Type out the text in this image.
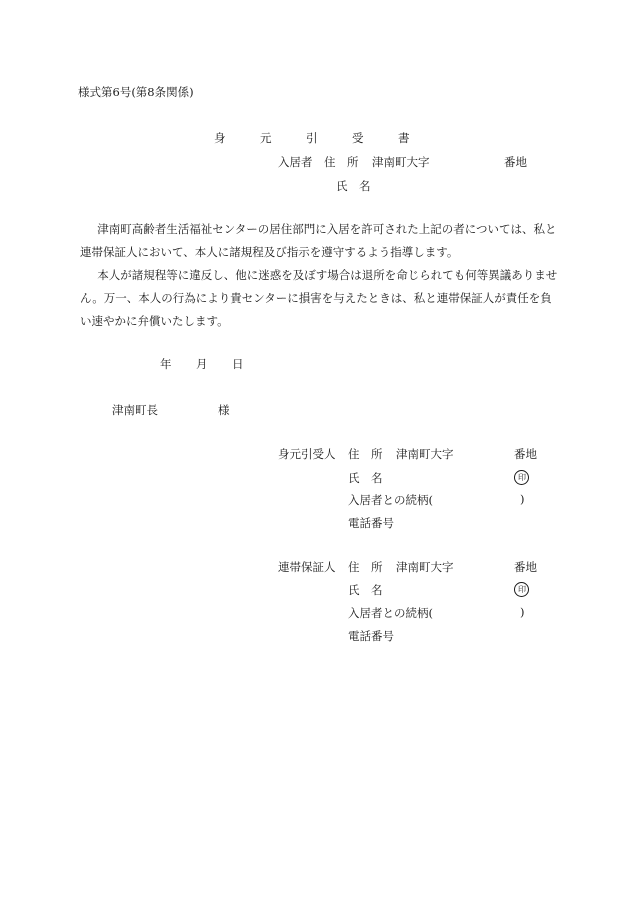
様式第6号(第8条関係)
身	元	引	受	書
入居者 住　所 津南町大字	番地
氏　名

津南町高齢者生活福祉センターの居住部門に入居を許可された上記の者については、私と連帯保証人において、本人に諸規程及び指示を遵守するよう指導します。

本人が諸規程等に違反し、他に迷惑を及ぼす場合は退所を命じられても何等異議ありません。万一、本人の行為により貴センターに損害を与えたときは、私と連帯保証人が責任を負い速やかに弁償いたします。

年 月 日
津南町長	様
身元引受人 住　所 津南町大字	番地
氏　名	印
入居者との続柄(	)
電話番号
連帯保証人 住　所 津南町大字	番地
氏　名	印
入居者との続柄(	)
電話番号
